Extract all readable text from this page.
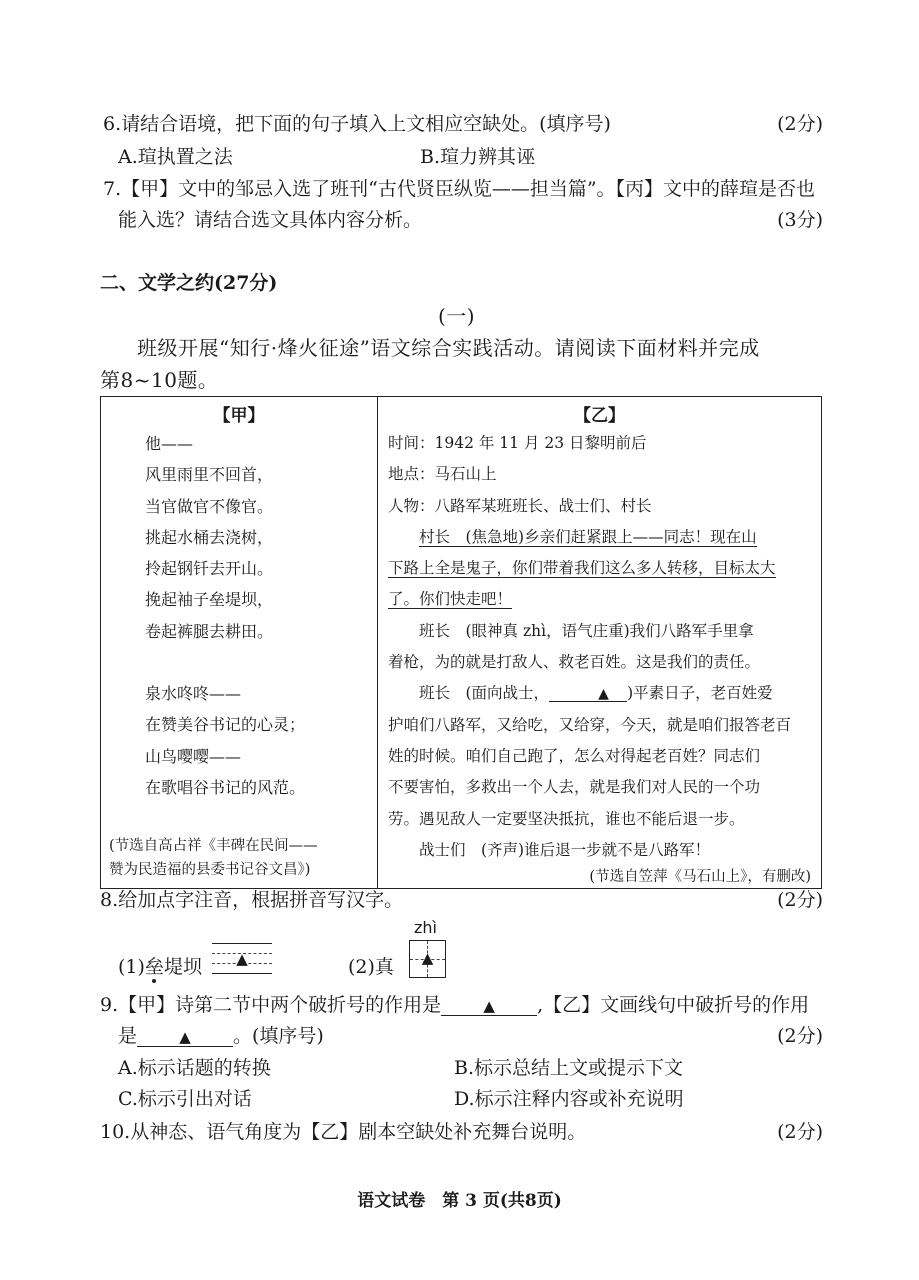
6.请结合语境，把下面的句子填入上文相应空缺处。(填序号)	(2分)
A.瑄执置之法	B.瑄力辨其诬
7.【甲】文中的邹忌入选了班刊“古代贤臣纵览——担当篇”。【丙】文中的薛瑄是否也
能入选？请结合选文具体内容分析。	(3分)
二、文学之约(27分)
(一)
班级开展“知行·烽火征途”语文综合实践活动。请阅读下面材料并完成
第8~10题。
【甲】
他——
风里雨里不回首，
当官做官不像官。
挑起水桶去浇树，
拎起钢钎去开山。
挽起袖子垒堤坝，
卷起裤腿去耕田。
泉水咚咚——
在赞美谷书记的心灵；
山鸟嘤嘤——
在歌唱谷书记的风范。
(节选自高占祥《丰碑在民间——
赞为民造福的县委书记谷文昌》)

【乙】
时间：1942 年 11 月 23 日黎明前后
地点：马石山上
人物：八路军某班班长、战士们、村长
村长　(焦急地)乡亲们赶紧跟上——同志！现在山
下路上全是鬼子，你们带着我们这么多人转移，目标太大
了。你们快走吧！
班长　(眼神真 zhì，语气庄重)我们八路军手里拿
着枪，为的就是打敌人、救老百姓。这是我们的责任。
班长　(面向战士，	▲ )平素日子，老百姓爱
护咱们八路军，又给吃，又给穿，今天，就是咱们报答老百
姓的时候。咱们自己跑了，怎么对得起老百姓？同志们
不要害怕，多救出一个人去，就是我们对人民的一个功
劳。遇见敌人一定要坚决抵抗，谁也不能后退一步。
战士们　(齐声)谁后退一步就不是八路军！
(节选自笠萍《马石山上》，有删改)
8.给加点字注音，根据拼音写汉字。	(2分)
zhì
(1)垒堤坝	▲	(2)真	▲
9.【甲】诗第二节中两个破折号的作用是	▲ ,【乙】文画线句中破折号的作用
是	▲ 。(填序号)	(2分)
A.标示话题的转换	B.标示总结上文或提示下文
C.标示引出对话	D.标示注释内容或补充说明
10.从神态、语气角度为【乙】剧本空缺处补充舞台说明。	(2分)
语文试卷　第 3 页(共8页)
